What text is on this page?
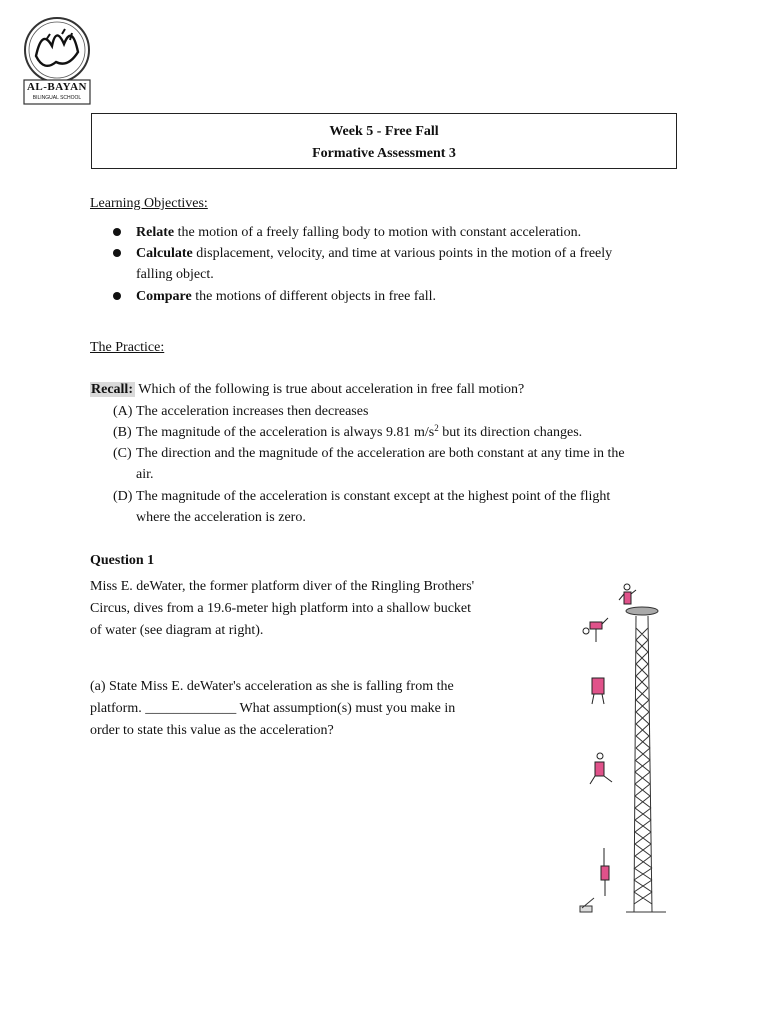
AL-BAYAN
BILINGUAL SCHOOL
Week 5 - Free Fall
Formative Assessment 3
Learning Objectives:
Relate the motion of a freely falling body to motion with constant acceleration.
Calculate displacement, velocity, and time at various points in the motion of a freely
falling object.
Compare the motions of different objects in free fall.
The Practice:
Recall: Which of the following is true about acceleration in free fall motion?
(A) The acceleration increases then decreases
(B) The magnitude of the acceleration is always 9.81 $m/s^2$ but its direction changes.
(C) The direction and the magnitude of the acceleration are both constant at any time in the
air.
(D) The magnitude of the acceleration is constant except at the highest point of the flight
where the acceleration is zero.
Question 1
Miss E. deWater, the former platform diver of the Ringling Brothers'
Circus, dives from a 19.6-meter high platform into a shallow bucket
of water (see diagram at right).
(a) State Miss E. deWater's acceleration as she is falling from the
platform. _____________ What assumption(s) must you make in
order to state this value as the acceleration?
